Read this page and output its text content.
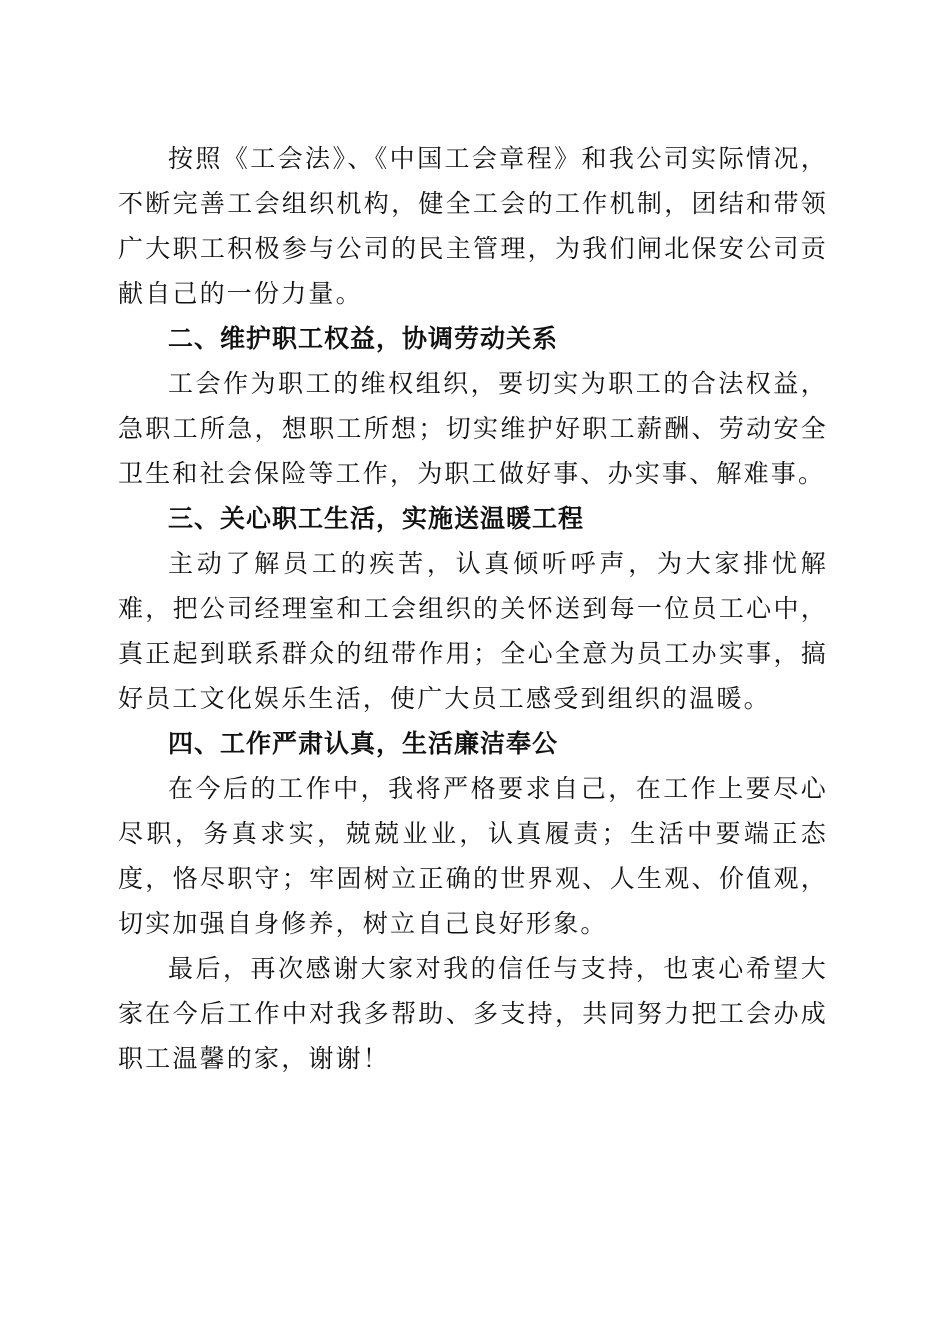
按照《工会法》、《中国工会章程》和我公司实际情况，不断完善工会组织机构，健全工会的工作机制，团结和带领广大职工积极参与公司的民主管理，为我们闸北保安公司贡献自己的一份力量。

二、维护职工权益，协调劳动关系

工会作为职工的维权组织，要切实为职工的合法权益，急职工所急，想职工所想；切实维护好职工薪酬、劳动安全卫生和社会保险等工作，为职工做好事、办实事、解难事。

三、关心职工生活，实施送温暖工程

主动了解员工的疾苦，认真倾听呼声，为大家排忧解难，把公司经理室和工会组织的关怀送到每一位员工心中，真正起到联系群众的纽带作用；全心全意为员工办实事，搞好员工文化娱乐生活，使广大员工感受到组织的温暖。

四、工作严肃认真，生活廉洁奉公

在今后的工作中，我将严格要求自己，在工作上要尽心尽职，务真求实，兢兢业业，认真履责；生活中要端正态度，恪尽职守；牢固树立正确的世界观、人生观、价值观，切实加强自身修养，树立自己良好形象。

最后，再次感谢大家对我的信任与支持，也衷心希望大家在今后工作中对我多帮助、多支持，共同努力把工会办成职工温馨的家，谢谢！
